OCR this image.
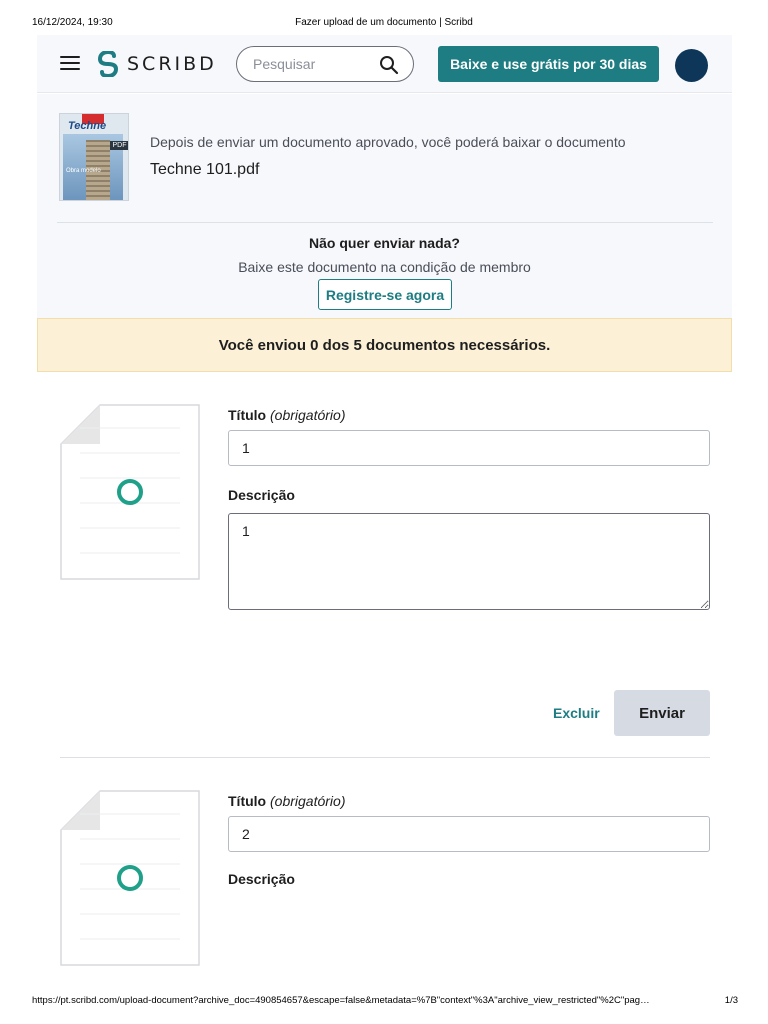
16/12/2024, 19:30	Fazer upload de um documento | Scribd
SCRIBD
Pesquisar	Baixe e use grátis por 30 dias
Techne
PDF
Obra modelo
Depois de enviar um documento aprovado, você poderá baixar o documento
Techne 101.pdf
Não quer enviar nada?
Baixe este documento na condição de membro
Registre-se agora
Você enviou 0 dos 5 documentos necessários.
Título (obrigatório)
1
Descrição
1
Excluir	Enviar
Título (obrigatório)
2
Descrição
https://pt.scribd.com/upload-document?archive_doc=490854657&escape=false&metadata=%7B"context"%3A"archive_view_restricted"%2C"pag…	1/3
